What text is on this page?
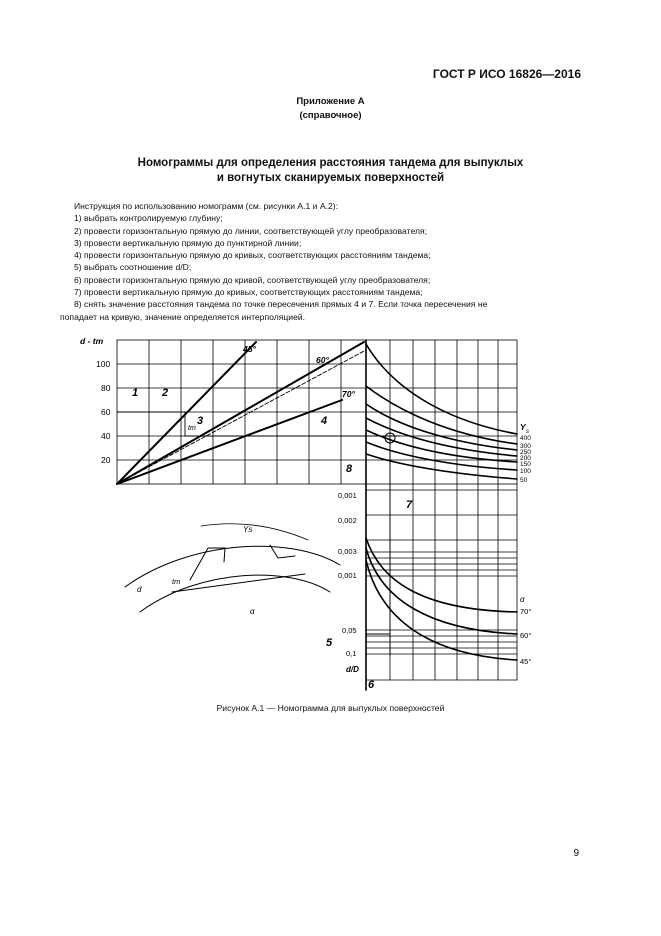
ГОСТ Р ИСО 16826—2016
Приложение А
(справочное)
Номограммы для определения расстояния тандема для выпуклых
и вогнутых сканируемых поверхностей

Инструкция по использованию номограмм (см. рисунки А.1 и А.2):

1) выбрать контролируемую глубину;

2) провести горизонтальную прямую до линии, соответствующей углу преобразователя;

3) провести вертикальную прямую до пунктирной линии;

4) провести горизонтальную прямую до кривых, соответствующих расстояниям тандема;

5) выбрать соотношение d/D;

6) провести горизонтальную прямую до кривой, соответствующей углу преобразователя;

7) провести вертикальную прямую до кривых, соответствующих расстояниям тандема;

8) снять значение расстояния тандема по точке пересечения прямых 4 и 7. Если точка пересечения не

попадает на кривую, значение определяется интерполяцией.

d - tm
100
80
60
40
20
45°
60°
70°
1 2
3	4
5
6
7
8
tm	Y s
400
300
250
200
150
100
50
0,001
0,002
0,003
0,001
0,05
0,1
d/D
α
70°
60°
45°
d
tm
α
Ys
Рисунок А.1 — Номограмма для выпуклых поверхностей
9
